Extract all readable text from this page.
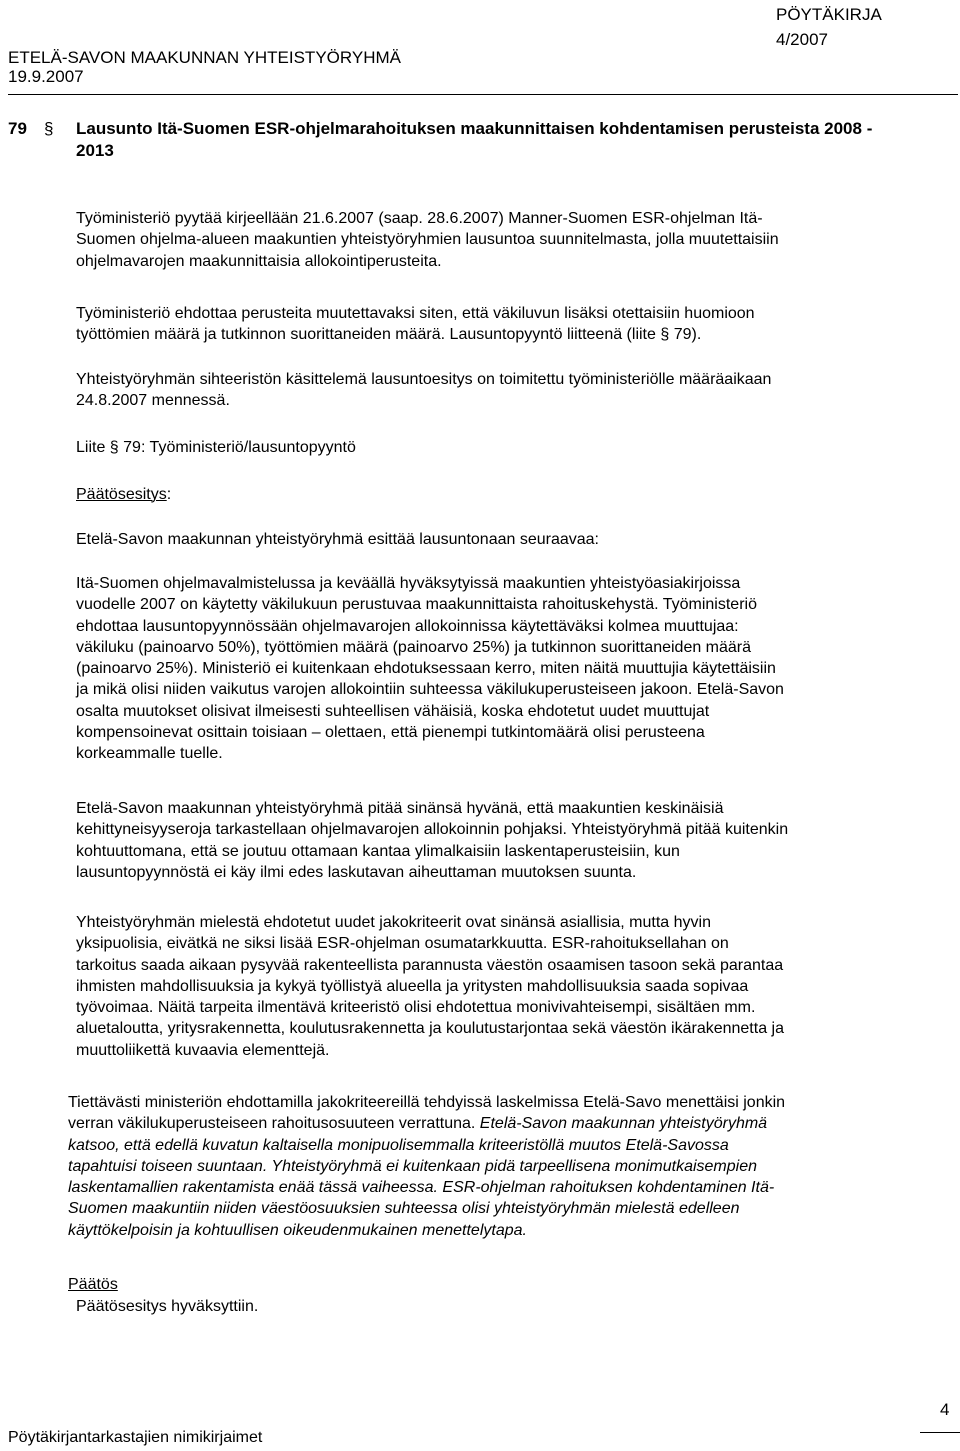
ETELÄ-SAVON MAAKUNNAN YHTEISTYÖRYHMÄ
19.9.2007
PÖYTÄKIRJA
4/2007
79 § Lausunto Itä-Suomen ESR-ohjelmarahoituksen maakunnittaisen kohdentamisen perusteista 2008 - 2013
Työministeriö pyytää kirjeellään 21.6.2007 (saap. 28.6.2007) Manner-Suomen ESR-ohjelman Itä-
Suomen ohjelma-alueen maakuntien yhteistyöryhmien lausuntoa suunnitelmasta, jolla muutettaisiin
ohjelmavarojen maakunnittaisia allokointiperusteita.
Työministeriö ehdottaa perusteita muutettavaksi siten, että väkiluvun lisäksi otettaisiin huomioon
työttömien määrä ja tutkinnon suorittaneiden määrä. Lausuntopyyntö liitteenä (liite § 79).
Yhteistyöryhmän sihteeristön käsittelemä lausuntoesitys on toimitettu työministeriölle määräaikaan
24.8.2007 mennessä.
Liite § 79: Työministeriö/lausuntopyyntö
Päätösesitys:
Etelä-Savon maakunnan yhteistyöryhmä esittää lausuntonaan seuraavaa:
Itä-Suomen ohjelmavalmistelussa ja keväällä hyväksytyissä maakuntien yhteistyöasiakirjoissa
vuodelle 2007 on käytetty väkilukuun perustuvaa maakunnittaista rahoituskehystä. Työministeriö
ehdottaa lausuntopyynnössään ohjelmavarojen allokoinnissa käytettäväksi kolmea muuttujaa:
väkiluku (painoarvo 50%), työttömien määrä (painoarvo 25%) ja tutkinnon suorittaneiden määrä
(painoarvo 25%). Ministeriö ei kuitenkaan ehdotuksessaan kerro, miten näitä muuttujia käytettäisiin
ja mikä olisi niiden vaikutus varojen allokointiin suhteessa väkilukuperusteiseen jakoon. Etelä-Savon
osalta muutokset olisivat ilmeisesti suhteellisen vähäisiä, koska ehdotetut uudet muuttujat
kompensoinevat osittain toisiaan – olettaen, että pienempi tutkintomäärä olisi perusteena
korkeammalle tuelle.
Etelä-Savon maakunnan yhteistyöryhmä pitää sinänsä hyvänä, että maakuntien keskinäisiä
kehittyneisyyseroja tarkastellaan ohjelmavarojen allokoinnin pohjaksi. Yhteistyöryhmä pitää kuitenkin
kohtuuttomana, että se joutuu ottamaan kantaa ylimalkaisiin laskentaperusteisiin, kun
lausuntopyynnöstä ei käy ilmi edes laskutavan aiheuttaman muutoksen suunta.
Yhteistyöryhmän mielestä ehdotetut uudet jakokriteerit ovat sinänsä asiallisia, mutta hyvin
yksipuolisia, eivätkä ne siksi lisää ESR-ohjelman osumatarkkuutta. ESR-rahoituksellahan on
tarkoitus saada aikaan pysyvää rakenteellista parannusta väestön osaamisen tasoon sekä parantaa
ihmisten mahdollisuuksia ja kykyä työllistyä alueella ja yritysten mahdollisuuksia saada sopivaa
työvoimaa. Näitä tarpeita ilmentävä kriteeristö olisi ehdotettua monivivahteisempi, sisältäen mm.
aluetaloutta, yritysrakennetta, koulutusrakennetta ja koulutustarjontaa sekä väestön ikärakennetta ja
muuttoliikettä kuvaavia elementtejä.
Tiettävästi ministeriön ehdottamilla jakokriteereillä tehdyissä laskelmissa Etelä-Savo menettäisi jonkin
verran väkilukuperusteiseen rahoitusosuuteen verrattuna. Etelä-Savon maakunnan yhteistyöryhmä
katsoo, että edellä kuvatun kaltaisella monipuolisemmalla kriteeristöllä muutos Etelä-Savossa
tapahtuisi toiseen suuntaan. Yhteistyöryhmä ei kuitenkaan pidä tarpeellisena monimutkaisempien
laskentamallien rakentamista enää tässä vaiheessa. ESR-ohjelman rahoituksen kohdentaminen Itä-
Suomen maakuntiin niiden väestöosuuksien suhteessa olisi yhteistyöryhmän mielestä edelleen
käyttökelpoisin ja kohtuullisen oikeudenmukainen menettelytapa.
Päätös
Päätösesitys hyväksyttiin.
4
Pöytäkirjantarkastajien nimikirjaimet
